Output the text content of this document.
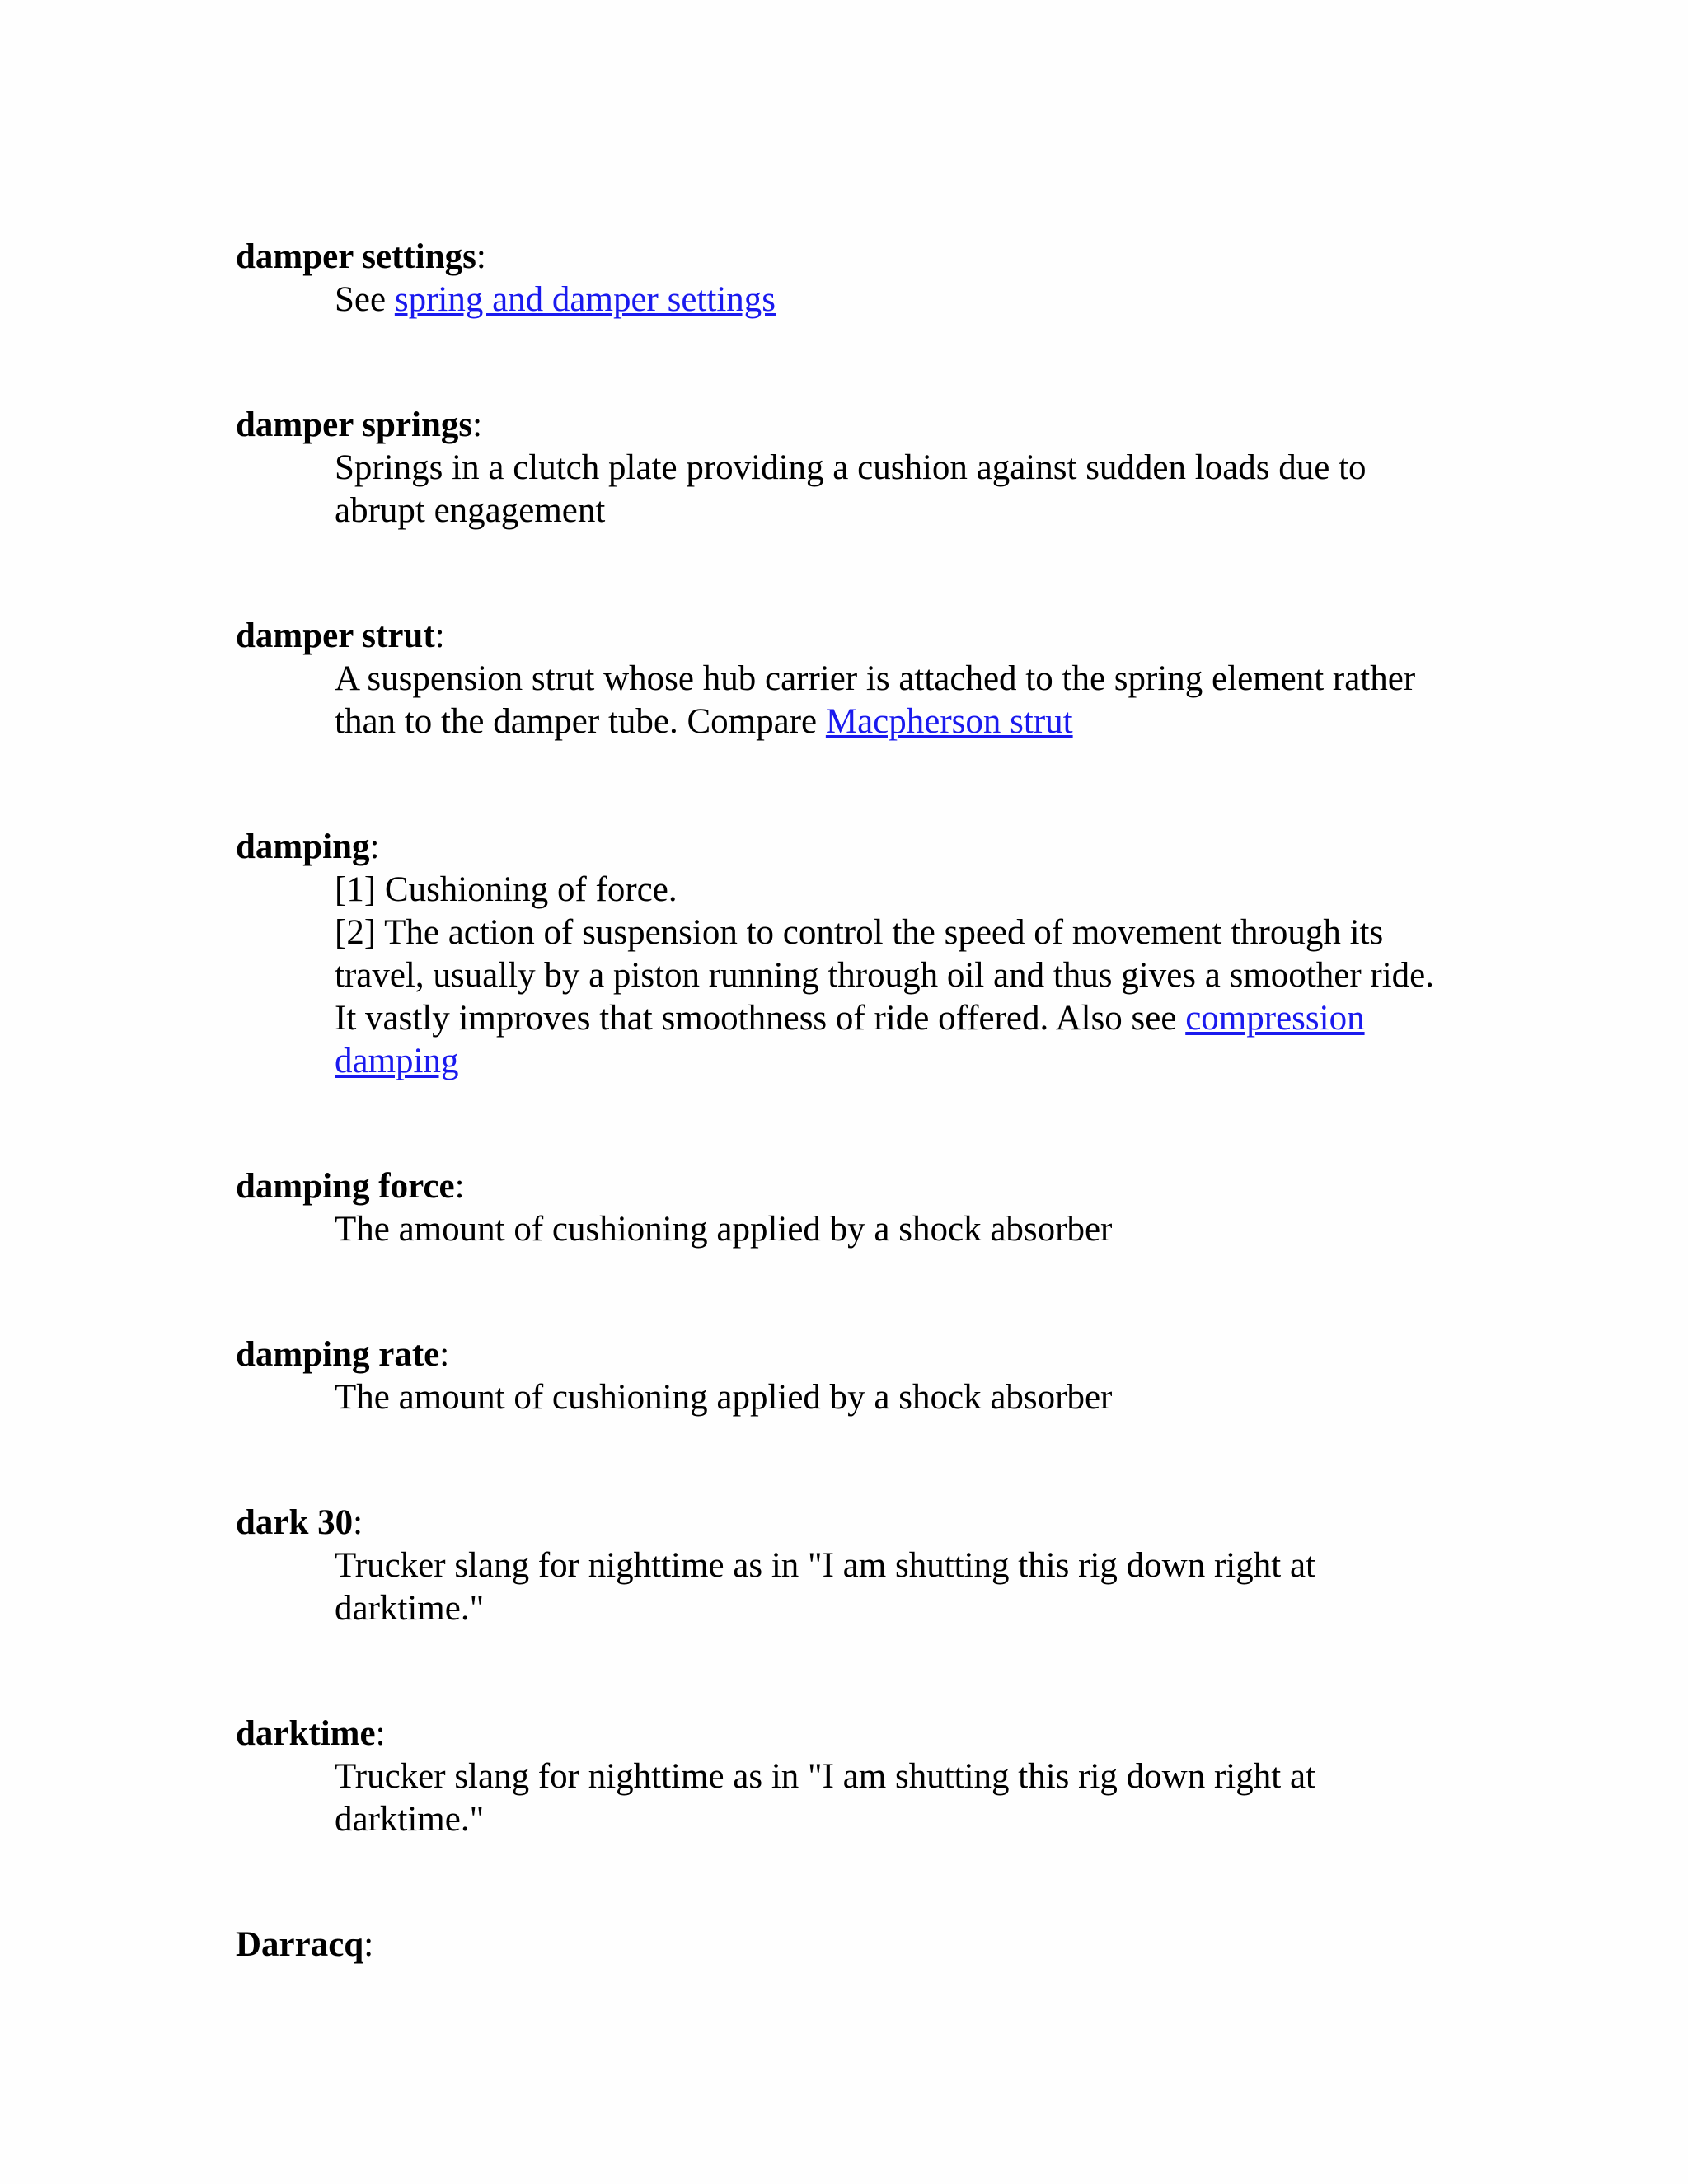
damper settings:
See spring and damper settings
damper springs:
Springs in a clutch plate providing a cushion against sudden loads due to abrupt engagement
damper strut:
A suspension strut whose hub carrier is attached to the spring element rather than to the damper tube. Compare Macpherson strut
damping:

[1] Cushioning of force.

[2] The action of suspension to control the speed of movement through its travel, usually by a piston running through oil and thus gives a smoother ride. It vastly improves that smoothness of ride offered. Also see compression damping

damping force:
The amount of cushioning applied by a shock absorber
damping rate:
The amount of cushioning applied by a shock absorber
dark 30:
Trucker slang for nighttime as in "I am shutting this rig down right at darktime."
darktime:
Trucker slang for nighttime as in "I am shutting this rig down right at darktime."
Darracq:
